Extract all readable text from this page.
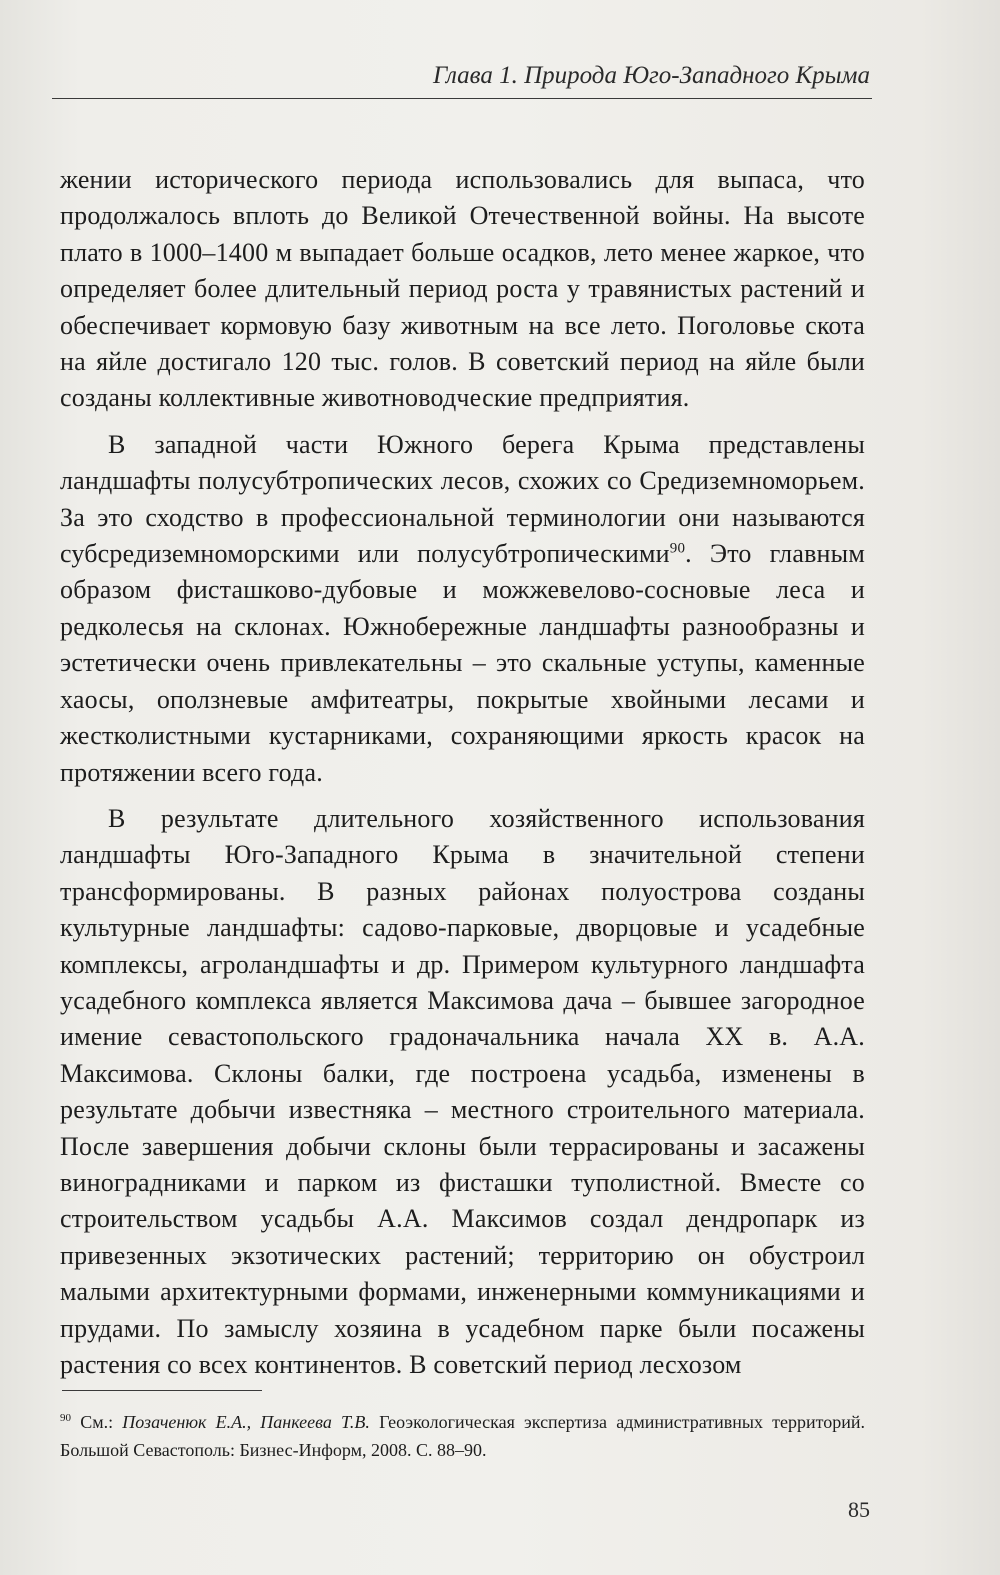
Глава 1. Природа Юго-Западного Крыма

жении исторического периода использовались для выпаса, что продолжалось вплоть до Великой Отечественной войны. На высоте плато в 1000–1400 м выпадает больше осадков, лето менее жаркое, что определяет более длительный период роста у травянистых растений и обеспечивает кормовую базу животным на все лето. Поголовье скота на яйле достигало 120 тыс. голов. В советский период на яйле были созданы коллективные животноводческие предприятия.

В западной части Южного берега Крыма представлены ландшафты полусубтропических лесов, схожих со Средиземноморьем. За это сходство в профессиональной терминологии они называются субсредиземноморскими или полусубтропическими$^{90}$. Это главным образом фисташково-дубовые и можжевелово-сосновые леса и редколесья на склонах. Южнобережные ландшафты разнообразны и эстетически очень привлекательны – это скальные уступы, каменные хаосы, оползневые амфитеатры, покрытые хвойными лесами и жестколистными кустарниками, сохраняющими яркость красок на протяжении всего года.

В результате длительного хозяйственного использования ландшафты Юго-Западного Крыма в значительной степени трансформированы. В разных районах полуострова созданы культурные ландшафты: садово-парковые, дворцовые и усадебные комплексы, агроландшафты и др. Примером культурного ландшафта усадебного комплекса является Максимова дача – бывшее загородное имение севастопольского градоначальника начала XX в. А.А. Максимова. Склоны балки, где построена усадьба, изменены в результате добычи известняка – местного строительного материала. После завершения добычи склоны были террасированы и засажены виноградниками и парком из фисташки туполистной. Вместе со строительством усадьбы А.А. Максимов создал дендропарк из привезенных экзотических растений; территорию он обустроил малыми архитектурными формами, инженерными коммуникациями и прудами. По замыслу хозяина в усадебном парке были посажены растения со всех континентов. В советский период лесхозом

$^{90}$ См.: Позаченюк Е.А., Панкеева Т.В. Геоэкологическая экспертиза административных территорий. Большой Севастополь: Бизнес-Информ, 2008. С. 88–90.
85
